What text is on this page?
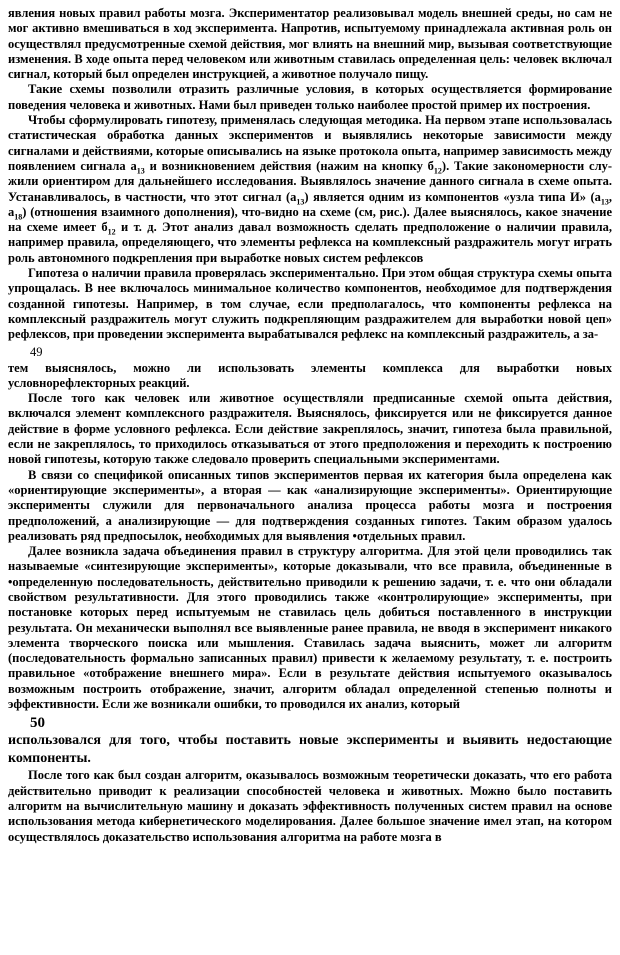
явления новых правил работы мозга. Экспериментатор реализовывал модель внешней среды, но сам не мог активно вмешиваться в ход эксперимента. Напротив, испытуемому принадлежала активная роль он осуществлял предусмотренные схемой действия, мог влиять на внешний мир, вызывая соответствующие изменения. В ходе опыта перед человеком или животным ставилась определенная цель: человек включал сигнал, который был определен инструкцией, а животное получало пищу.

Такие схемы позволили отразить различные условия, в которых осуществляется формирование поведения человека и животных. Нами был приведен только наиболее простой пример их построения.

Чтобы сформулировать гипотезу, применялась следующая методика. На первом этапе использовалась статистическая обработка данных экспериментов и выявлялись некоторые зависимости между сигналами и действиями, которые описывались на языке протокола опыта, например зависимость между появлением сигнала $а_{13}$ и возникновением действия (нажим на кнопку $б_{12}$). Такие закономерности слу-жили ориентиром для дальнейшего исследования. Выявлялось значение данного сигнала в схеме опыта. Устанавливалось, в частности, что этот сигнал $(а_{13})$ является одним из компонентов «узла типа И» ($а_{13}$, $а_{18}$) (отношения взаимного дополнения), что-видно на схеме (см, рис.). Далее выяснялось, какое значение на схеме имеет $б_{12}$ и т. д. Этот анализ давал возможность сделать предположение о наличии правила, например правила, определяющего, что элементы рефлекса на комплексный раздражитель могут играть роль автономного подкрепления при выработке новых систем рефлексов

Гипотеза о наличии правила проверялась экспериментально. При этом общая структура схемы опыта упрощалась. В нее включалось минимальное количество компонентов, необходимое для подтверждения созданной гипотезы. Например, в том случае, если предполагалось, что компоненты рефлекса на комплексный раздражитель могут служить подкрепляющим раздражителем для выработки новой цеп» рефлексов, при проведении эксперимента вырабатывался рефлекс на комплексный раздражитель, а за-

49

тем выяснялось, можно ли использовать элементы комплекса для выработки новых условнорефлекторных реакций.

После того как человек или животное осуществляли предписанные схемой опыта действия, включался элемент комплексного раздражителя. Выяснялось, фиксируется или не фиксируется данное действие в форме условного рефлекса. Если действие закреплялось, значит, гипотеза была правильной, если не закреплялось, то приходилось отказываться от этого предположения и переходить к построению новой гипотезы, которую также следовало проверить специальными экспериментами.

В связи со спецификой описанных типов экспериментов первая их категория была определена как «ориентирующие эксперименты», а вторая — как «анализирующие эксперименты». Ориентирующие эксперименты служили для первоначального анализа процесса работы мозга и построения предположений, а анализирующие — для подтверждения созданных гипотез. Таким образом удалось реализовать ряд предпосылок, необходимых для выявления •отдельных правил.

Далее возникла задача объединения правил в структуру алгоритма. Для этой цели проводились так называемые «синтезирующие эксперименты», которые доказывали, что все правила, объединенные в •определенную последовательность, действительно приводили к решению задачи, т. е. что они обладали свойством результативности. Для этого проводились также «контролирующие» эксперименты, при постановке которых перед испытуемым не ставилась цель добиться поставленного в инструкции результата. Он механически выполнял все выявленные ранее правила, не вводя в эксперимент никакого элемента творческого поиска или мышления. Ставилась задача выяснить, может ли алгоритм (последовательность формально записанных правил) привести к желаемому результату, т. е. построить правильное «отображение внешнего мира». Если в результате действия испытуемого оказывалось возможным построить отображение, значит, алгоритм обладал определенной степенью полноты и эффективности. Если же возникали ошибки, то проводился их анализ, который

50

использовался для того, чтобы поставить новые эксперименты и выявить недостающие компоненты.

После того как был создан алгоритм, оказывалось возможным теоретически доказать, что его работа действительно приводит к реализации способностей человека и животных. Можно было поставить алгоритм на вычислительную машину и доказать эффективность полученных систем правил на основе использования метода кибернетического моделирования. Далее большое значение имел этап, на котором осуществлялось доказательство использования алгоритма на работе мозга в
